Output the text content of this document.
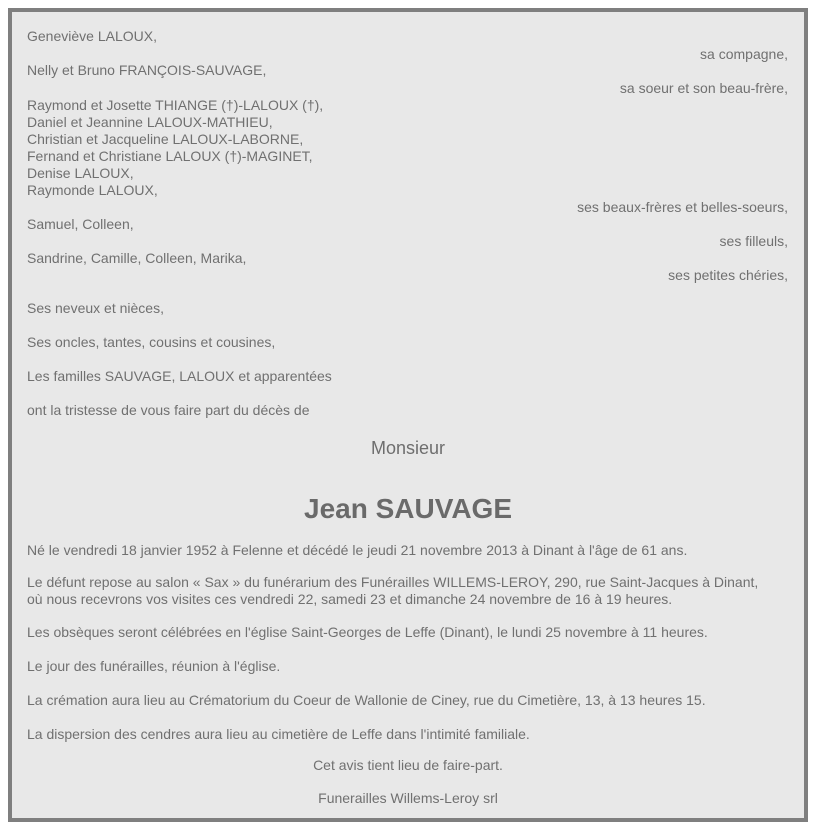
Geneviève LALOUX,
sa compagne,
Nelly et Bruno FRANÇOIS-SAUVAGE,
sa soeur et son beau-frère,
Raymond et Josette THIANGE (†)-LALOUX (†),
Daniel et Jeannine LALOUX-MATHIEU,
Christian et Jacqueline LALOUX-LABORNE,
Fernand et Christiane LALOUX (†)-MAGINET,
Denise LALOUX,
Raymonde LALOUX,
ses beaux-frères et belles-soeurs,
Samuel, Colleen,
ses filleuls,
Sandrine, Camille, Colleen, Marika,
ses petites chéries,
Ses neveux et nièces,
Ses oncles, tantes, cousins et cousines,
Les familles SAUVAGE, LALOUX et apparentées
ont la tristesse de vous faire part du décès de
Monsieur
Jean SAUVAGE
Né le vendredi 18 janvier 1952 à Felenne et décédé le jeudi 21 novembre 2013 à Dinant à l'âge de 61 ans.
Le défunt repose au salon « Sax » du funérarium des Funérailles WILLEMS-LEROY, 290, rue Saint-Jacques à Dinant,
où nous recevrons vos visites ces vendredi 22, samedi 23 et dimanche 24 novembre de 16 à 19 heures.
Les obsèques seront célébrées en l'église Saint-Georges de Leffe (Dinant), le lundi 25 novembre à 11 heures.
Le jour des funérailles, réunion à l'église.
La crémation aura lieu au Crématorium du Coeur de Wallonie de Ciney, rue du Cimetière, 13, à 13 heures 15.
La dispersion des cendres aura lieu au cimetière de Leffe dans l'intimité familiale.
Cet avis tient lieu de faire-part.
Funerailles Willems-Leroy srl
